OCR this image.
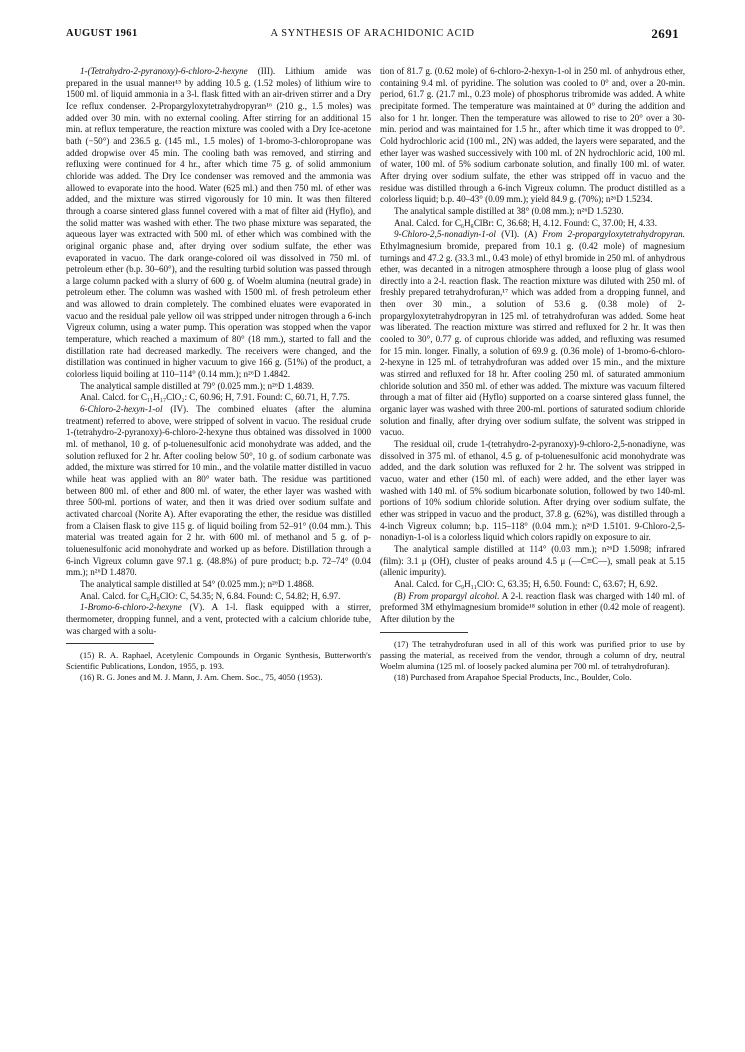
AUGUST 1961	A SYNTHESIS OF ARACHIDONIC ACID	2691

1-(Tetrahydro-2-pyranoxy)-6-chloro-2-hexyne (III). Lithium amide was prepared in the usual manner¹⁵ by adding 10.5 g. (1.52 moles) of lithium wire to 1500 ml. of liquid ammonia in a 3-l. flask fitted with an air-driven stirrer and a Dry Ice reflux condenser. 2-Propargyloxytetrahydropyran¹⁶ (210 g., 1.5 moles) was added over 30 min. with no external cooling. After stirring for an additional 15 min. at reflux temperature, the reaction mixture was cooled with a Dry Ice-acetone bath (−50°) and 236.5 g. (145 ml., 1.5 moles) of 1-bromo-3-chloropropane was added dropwise over 45 min. The cooling bath was removed, and stirring and refluxing were continued for 4 hr., after which time 75 g. of solid ammonium chloride was added. The Dry Ice condenser was removed and the ammonia was allowed to evaporate into the hood. Water (625 ml.) and then 750 ml. of ether was added, and the mixture was stirred vigorously for 10 min. It was then filtered through a coarse sintered glass funnel covered with a mat of filter aid (Hyflo), and the solid matter was washed with ether. The two phase mixture was separated, the aqueous layer was extracted with 500 ml. of ether which was combined with the original organic phase and, after drying over sodium sulfate, the ether was evaporated in vacuo. The dark orange-colored oil was dissolved in 750 ml. of petroleum ether (b.p. 30–60°), and the resulting turbid solution was passed through a large column packed with a slurry of 600 g. of Woelm alumina (neutral grade) in petroleum ether. The column was washed with 1500 ml. of fresh petroleum ether and was allowed to drain completely. The combined eluates were evaporated in vacuo and the residual pale yellow oil was stripped under nitrogen through a 6-inch Vigreux column, using a water pump. This operation was stopped when the vapor temperature, which reached a maximum of 80° (18 mm.), started to fall and the distillation rate had decreased markedly. The receivers were changed, and the distillation was continued in higher vacuum to give 166 g. (51%) of the product, a colorless liquid boiling at 110–114° (0.14 mm.); n²⁶D 1.4842.

The analytical sample distilled at 79° (0.025 mm.); n²⁶D 1.4839.

Anal. Calcd. for C₁₁H₁₇ClO₂: C, 60.96; H, 7.91. Found: C, 60.71, H, 7.75.

6-Chloro-2-hexyn-1-ol (IV). The combined eluates (after the alumina treatment) referred to above, were stripped of solvent in vacuo. The residual crude 1-(tetrahydro-2-pyranoxy)-6-chloro-2-hexyne thus obtained was dissolved in 1000 ml. of methanol, 10 g. of p-toluenesulfonic acid monohydrate was added, and the solution refluxed for 2 hr. After cooling below 50°, 10 g. of sodium carbonate was added, the mixture was stirred for 10 min., and the volatile matter distilled in vacuo while heat was applied with an 80° water bath. The residue was partitioned between 800 ml. of ether and 800 ml. of water, the ether layer was washed with three 500-ml. portions of water, and then it was dried over sodium sulfate and activated charcoal (Norite A). After evaporating the ether, the residue was distilled from a Claisen flask to give 115 g. of liquid boiling from 52–91° (0.04 mm.). This material was treated again for 2 hr. with 600 ml. of methanol and 5 g. of p-toluenesulfonic acid monohydrate and worked up as before. Distillation through a 6-inch Vigreux column gave 97.1 g. (48.8%) of pure product; b.p. 72–74° (0.04 mm.); n²⁶D 1.4870.

The analytical sample distilled at 54° (0.025 mm.); n²⁶D 1.4868.

Anal. Calcd. for C₆H₉ClO: C, 54.35; N, 6.84. Found: C, 54.82; H, 6.97.

1-Bromo-6-chloro-2-hexyne (V). A 1-l. flask equipped with a stirrer, thermometer, dropping funnel, and a vent, protected with a calcium chloride tube, was charged with a solu-

(15) R. A. Raphael, Acetylenic Compounds in Organic Synthesis, Butterworth's Scientific Publications, London, 1955, p. 193.

(16) R. G. Jones and M. J. Mann, J. Am. Chem. Soc., 75, 4050 (1953).

tion of 81.7 g. (0.62 mole) of 6-chloro-2-hexyn-1-ol in 250 ml. of anhydrous ether, containing 9.4 ml. of pyridine. The solution was cooled to 0° and, over a 20-min. period, 61.7 g. (21.7 ml., 0.23 mole) of phosphorus tribromide was added. A white precipitate formed. The temperature was maintained at 0° during the addition and also for 1 hr. longer. Then the temperature was allowed to rise to 20° over a 30-min. period and was maintained for 1.5 hr., after which time it was dropped to 0°. Cold hydrochloric acid (100 ml., 2N) was added, the layers were separated, and the ether layer was washed successively with 100 ml. of 2N hydrochloric acid, 100 ml. of water, 100 ml. of 5% sodium carbonate solution, and finally 100 ml. of water. After drying over sodium sulfate, the ether was stripped off in vacuo and the residue was distilled through a 6-inch Vigreux column. The product distilled as a colorless liquid; b.p. 40–43° (0.09 mm.); yield 84.9 g. (70%); n²⁶D 1.5234.

The analytical sample distilled at 38° (0.08 mm.); n²⁶D 1.5230.

Anal. Calcd. for C₆H₈ClBr: C, 36.68; H, 4.12. Found: C, 37.00; H, 4.33.

9-Chloro-2,5-nonadiyn-1-ol (VI). (A) From 2-propargyloxytetrahydropyran. Ethylmagnesium bromide, prepared from 10.1 g. (0.42 mole) of magnesium turnings and 47.2 g. (33.3 ml., 0.43 mole) of ethyl bromide in 250 ml. of anhydrous ether, was decanted in a nitrogen atmosphere through a loose plug of glass wool directly into a 2-l. reaction flask. The reaction mixture was diluted with 250 ml. of freshly prepared tetrahydrofuran,¹⁷ which was added from a dropping funnel, and then over 30 min., a solution of 53.6 g. (0.38 mole) of 2-propargyloxytetrahydropyran in 125 ml. of tetrahydrofuran was added. Some heat was liberated. The reaction mixture was stirred and refluxed for 2 hr. It was then cooled to 30°, 0.77 g. of cuprous chloride was added, and refluxing was resumed for 15 min. longer. Finally, a solution of 69.9 g. (0.36 mole) of 1-bromo-6-chloro-2-hexyne in 125 ml. of tetrahydrofuran was added over 15 min., and the mixture was stirred and refluxed for 18 hr. After cooling 250 ml. of saturated ammonium chloride solution and 350 ml. of ether was added. The mixture was vacuum filtered through a mat of filter aid (Hyflo) supported on a coarse sintered glass funnel, the organic layer was washed with three 200-ml. portions of saturated sodium chloride solution and finally, after drying over sodium sulfate, the solvent was stripped in vacuo.

The residual oil, crude 1-(tetrahydro-2-pyranoxy)-9-chloro-2,5-nonadiyne, was dissolved in 375 ml. of ethanol, 4.5 g. of p-toluenesulfonic acid monohydrate was added, and the dark solution was refluxed for 2 hr. The solvent was stripped in vacuo, water and ether (150 ml. of each) were added, and the ether layer was washed with 140 ml. of 5% sodium bicarbonate solution, followed by two 140-ml. portions of 10% sodium chloride solution. After drying over sodium sulfate, the ether was stripped in vacuo and the product, 37.8 g. (62%), was distilled through a 4-inch Vigreux column; b.p. 115–118° (0.04 mm.); n²⁶D 1.5101. 9-Chloro-2,5-nonadiyn-1-ol is a colorless liquid which colors rapidly on exposure to air.

The analytical sample distilled at 114° (0.03 mm.); n²⁶D 1.5098; infrared (film): 3.1 μ (OH), cluster of peaks around 4.5 μ (—C≡C—), small peak at 5.15 (allenic impurity).

Anal. Calcd. for C₉H₁₁ClO: C, 63.35; H, 6.50. Found: C, 63.67; H, 6.92.

(B) From propargyl alcohol. A 2-l. reaction flask was charged with 140 ml. of preformed 3M ethylmagnesium bromide¹⁸ solution in ether (0.42 mole of reagent). After dilution by the

(17) The tetrahydrofuran used in all of this work was purified prior to use by passing the material, as received from the vendor, through a column of dry, neutral Woelm alumina (125 ml. of loosely packed alumina per 700 ml. of tetrahydrofuran).

(18) Purchased from Arapahoe Special Products, Inc., Boulder, Colo.
